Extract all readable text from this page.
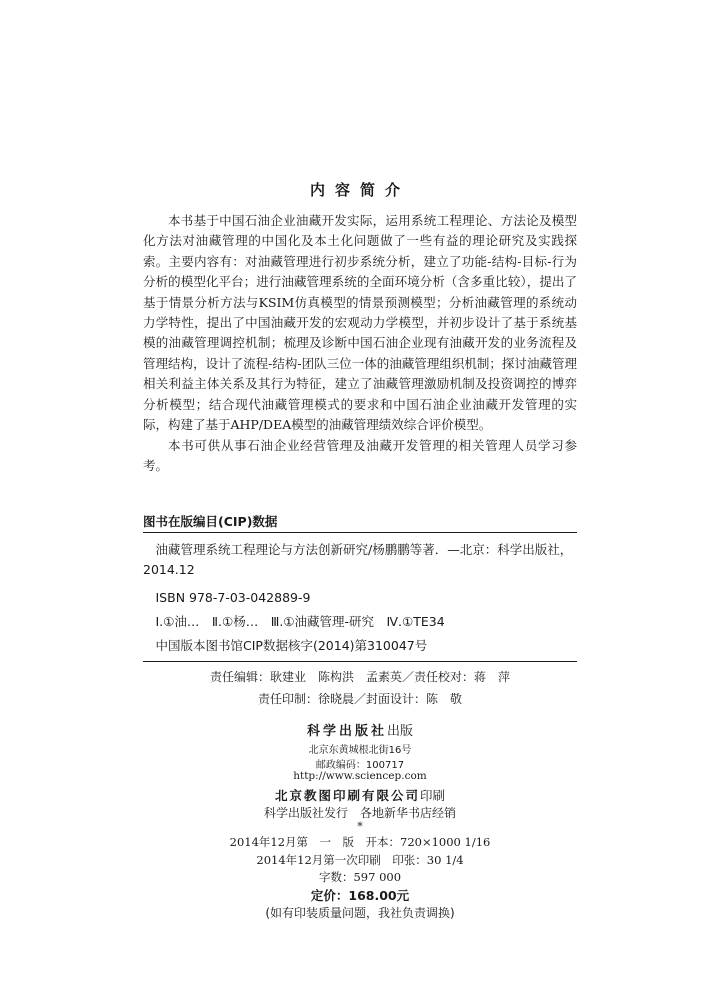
内容简介

本书基于中国石油企业油藏开发实际，运用系统工程理论、方法论及模型化方法对油藏管理的中国化及本土化问题做了一些有益的理论研究及实践探索。主要内容有：对油藏管理进行初步系统分析，建立了功能-结构-目标-行为分析的模型化平台；进行油藏管理系统的全面环境分析（含多重比较），提出了基于情景分析方法与KSIM仿真模型的情景预测模型；分析油藏管理的系统动力学特性，提出了中国油藏开发的宏观动力学模型，并初步设计了基于系统基模的油藏管理调控机制；梳理及诊断中国石油企业现有油藏开发的业务流程及管理结构，设计了流程-结构-团队三位一体的油藏管理组织机制；探讨油藏管理相关利益主体关系及其行为特征，建立了油藏管理激励机制及投资调控的博弈分析模型；结合现代油藏管理模式的要求和中国石油企业油藏开发管理的实际，构建了基于AHP/DEA模型的油藏管理绩效综合评价模型。

本书可供从事石油企业经营管理及油藏开发管理的相关管理人员学习参考。

图书在版编目(CIP)数据

油藏管理系统工程理论与方法创新研究/杨鹏鹏等著．—北京：科学出版社，2014.12

ISBN 978-7-03-042889-9

Ⅰ.①油…　Ⅱ.①杨…　Ⅲ.①油藏管理-研究　Ⅳ.①TE34

中国版本图书馆CIP数据核字(2014)第310047号

责任编辑：耿建业　陈构洪　孟素英／责任校对：蒋　萍
责任印制：徐晓晨／封面设计：陈　敬
科学出版社出版
北京东黄城根北街16号
邮政编码：100717
http://www.sciencep.com
北京教图印刷有限公司印刷
科学出版社发行　各地新华书店经销
*
2014年12月第　一　版　开本：720×1000 1/16
2014年12月第一次印刷　印张：30 1/4
字数：597 000
定价：168.00元
(如有印装质量问题，我社负责调换)
